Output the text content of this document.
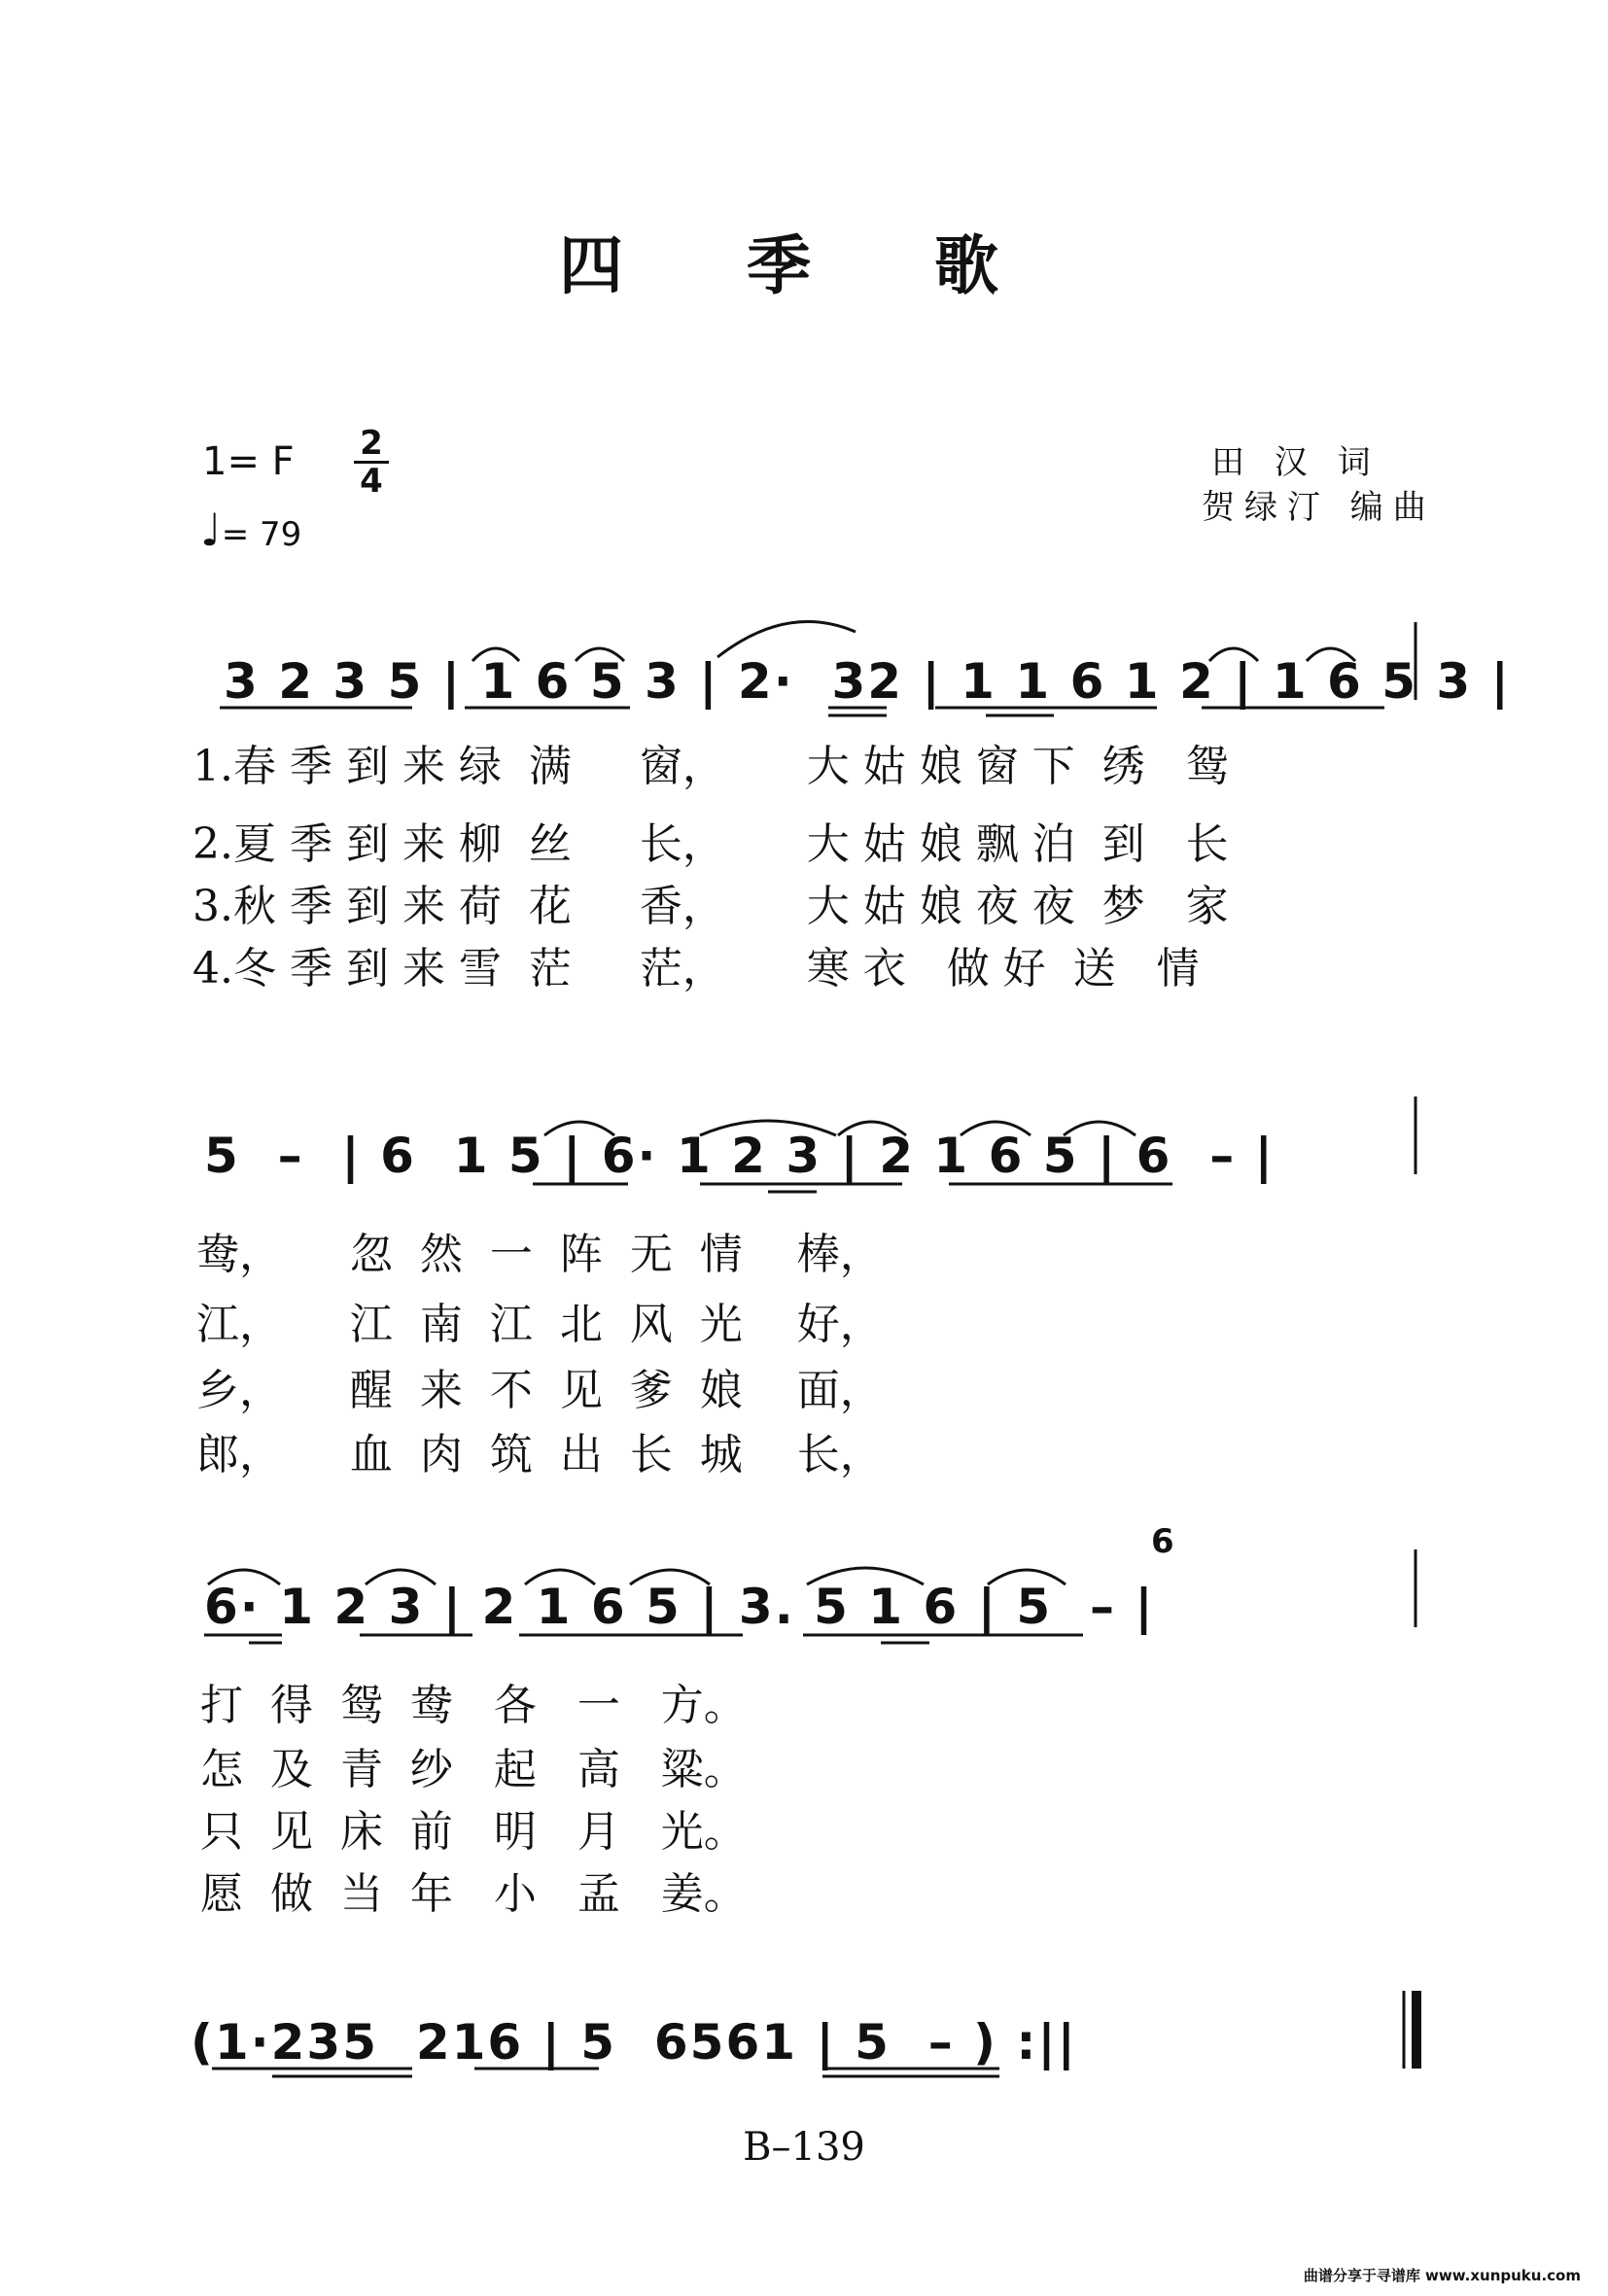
四 季 歌
1= F 2
4
♩= 79
田 汉 词
贺绿汀 编曲
3 2 3 5 | 1 6 5 3 | 2·  32 | 1 1 6 1 2 | 1 6 5 3 |
1.春 季 到 来 绿  满     窗，      大 姑 娘 窗 下  绣   鸳
2.夏 季 到 来 柳  丝     长，      大 姑 娘 飘 泊  到   长
3.秋 季 到 来 荷  花     香，      大 姑 娘 夜 夜  梦   家
4.冬 季 到 来 雪  茫     茫，      寒 衣   做 好  送   情
5  –  | 6  1 5 | 6· 1 2 3 | 2 1 6 5 | 6  – |
鸯，     忽  然  一  阵  无  情    棒，
江，     江  南  江  北  风  光    好，
乡，     醒  来  不  见  爹  娘    面，
郎，     血  肉  筑  出  长  城    长，
6
6· 1 2 3 | 2 1 6 5 | 3. 5 1 6 | 5  – |
打  得  鸳  鸯   各   一   方。
怎  及  青  纱   起   高   粱。
只  见  床  前   明   月   光。
愿  做  当  年   小   孟   姜。
(1·235  216 | 5  6561 | 5  – ) :||
B–139
曲谱分享于寻谱库 www.xunpuku.com
